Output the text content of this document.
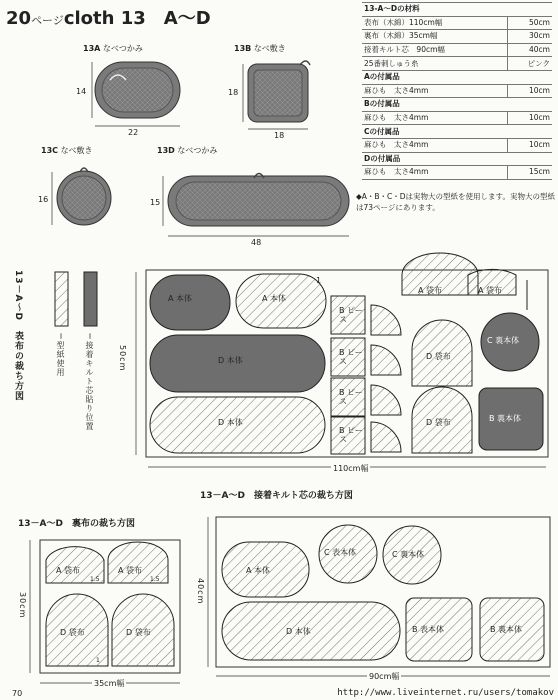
20ページcloth 13　A～D	13-A～Dの材料	
表布（木綿）110cm幅	50cm
裏布（木綿）35cm幅	30cm
接着キルト芯　90cm幅	40cm
25番刺しゅう糸	ピンク
Aの付属品	
麻ひも　太さ4mm	10cm
Bの付属品	
麻ひも　太さ4mm	10cm
Cの付属品	
麻ひも　太さ4mm	10cm
Dの付属品	
麻ひも　太さ4mm	15cm
◆A・B・C・Dは実物大の型紙を使用します。実物大の型紙は73ページにあります。
13A なべつかみ	13B なべ敷き
13C なべ敷き	13D なべつかみ
14
22
18
18
16	15
48
13－A～D　表布の裁ち方図	＝型紙使用	＝接着キルト芯貼り位置	50cm
110cm幅
A 本体	A 本体
D 本体
D 本体
B ピース
B ピース
B ピース
B ピース
A 袋布	A 袋布
D 袋布
D 袋布
C 裏本体
B 裏本体
1
13－A～D　裏布の裁ち方図
30cm
35cm幅
A 袋布	A 袋布
D 袋布	D 袋布
1.5	1.5
1
13－A～D　接着キルト芯の裁ち方図
40cm
90cm幅
A 本体
C 表本体	C 裏本体
D 本体	B 表本体	B 裏本体
70	http://www.liveinternet.ru/users/tomakov
